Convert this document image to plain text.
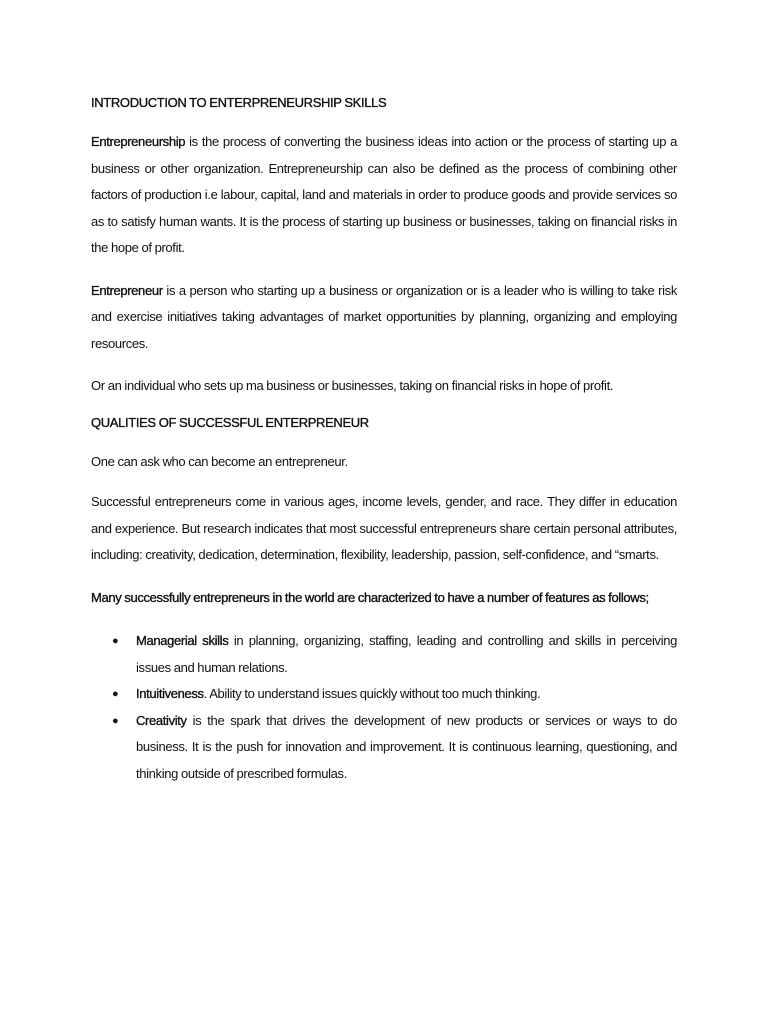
INTRODUCTION TO ENTERPRENEURSHIP SKILLS

Entrepreneurship is the process of converting the business ideas into action or the process of starting up a business or other organization. Entrepreneurship can also be defined as the process of combining other factors of production i.e labour, capital, land and materials in order to produce goods and provide services so as to satisfy human wants. It is the process of starting up business or businesses, taking on financial risks in the hope of profit.

Entrepreneur is a person who starting up a business or organization or is a leader who is willing to take risk and exercise initiatives taking advantages of market opportunities by planning, organizing and employing resources.

Or an individual who sets up ma business or businesses, taking on financial risks in hope of profit.

QUALITIES OF SUCCESSFUL ENTERPRENEUR

One can ask who can become an entrepreneur.

Successful entrepreneurs come in various ages, income levels, gender, and race. They differ in education and experience. But research indicates that most successful entrepreneurs share certain personal attributes, including: creativity, dedication, determination, flexibility, leadership, passion, self-confidence, and “smarts.

Many successfully entrepreneurs in the world are characterized to have a number of features as follows;

● Managerial skills in planning, organizing, staffing, leading and controlling and skills in perceiving issues and human relations.
● Intuitiveness. Ability to understand issues quickly without too much thinking.
● Creativity is the spark that drives the development of new products or services or ways to do business. It is the push for innovation and improvement. It is continuous learning, questioning, and thinking outside of prescribed formulas.
